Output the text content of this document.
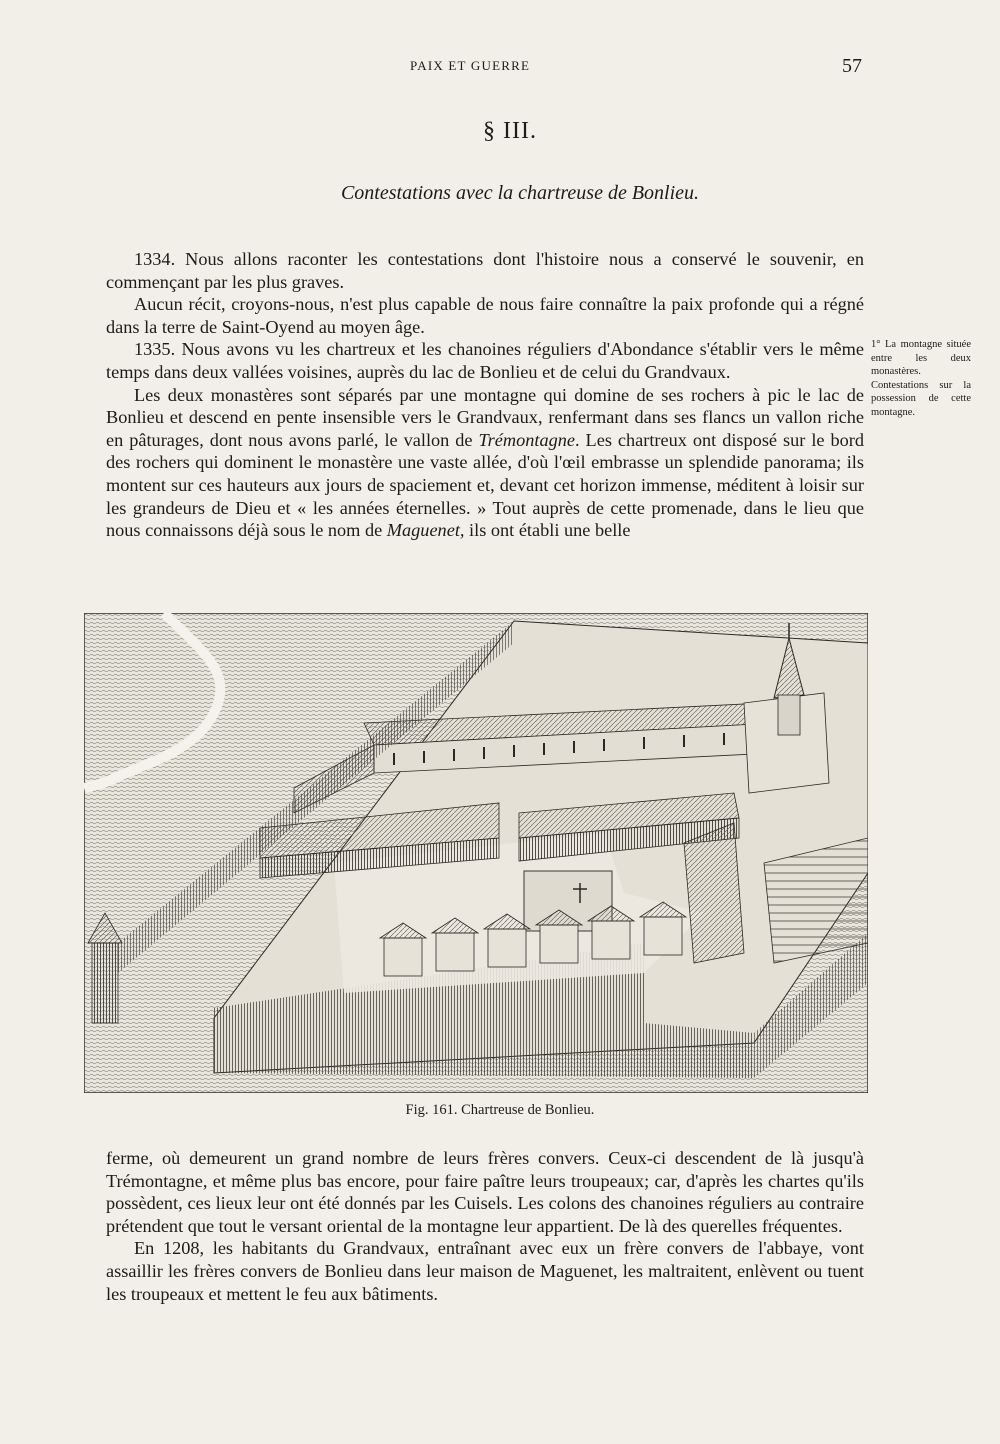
PAIX ET GUERRE	57
§ III.
Contestations avec la chartreuse de Bonlieu.

1334. Nous allons raconter les contestations dont l'histoire nous a conservé le souvenir, en commençant par les plus graves.

Aucun récit, croyons-nous, n'est plus capable de nous faire connaître la paix profonde qui a régné dans la terre de Saint-Oyend au moyen âge.

1335. Nous avons vu les chartreux et les chanoines réguliers d'Abondance s'établir vers le même temps dans deux vallées voisines, auprès du lac de Bonlieu et de celui du Grandvaux.

Les deux monastères sont séparés par une montagne qui domine de ses rochers à pic le lac de Bonlieu et descend en pente insensible vers le Grandvaux, renfermant dans ses flancs un vallon riche en pâturages, dont nous avons parlé, le vallon de Trémontagne. Les chartreux ont disposé sur le bord des rochers qui dominent le monastère une vaste allée, d'où l'œil embrasse un splendide panorama; ils montent sur ces hauteurs aux jours de spaciement et, devant cet horizon immense, méditent à loisir sur les grandeurs de Dieu et « les années éternelles. » Tout auprès de cette promenade, dans le lieu que nous connaissons déjà sous le nom de Maguenet, ils ont établi une belle

1° La montagne située entre les deux monastères. Contestations sur la possession de cette montagne.
Fig. 161. Chartreuse de Bonlieu.

ferme, où demeurent un grand nombre de leurs frères convers. Ceux-ci descendent de là jusqu'à Trémontagne, et même plus bas encore, pour faire paître leurs troupeaux; car, d'après les chartes qu'ils possèdent, ces lieux leur ont été donnés par les Cuisels. Les colons des chanoines réguliers au contraire prétendent que tout le versant oriental de la montagne leur appartient. De là des querelles fréquentes.

En 1208, les habitants du Grandvaux, entraînant avec eux un frère convers de l'abbaye, vont assaillir les frères convers de Bonlieu dans leur maison de Maguenet, les maltraitent, enlèvent ou tuent les troupeaux et mettent le feu aux bâtiments.
